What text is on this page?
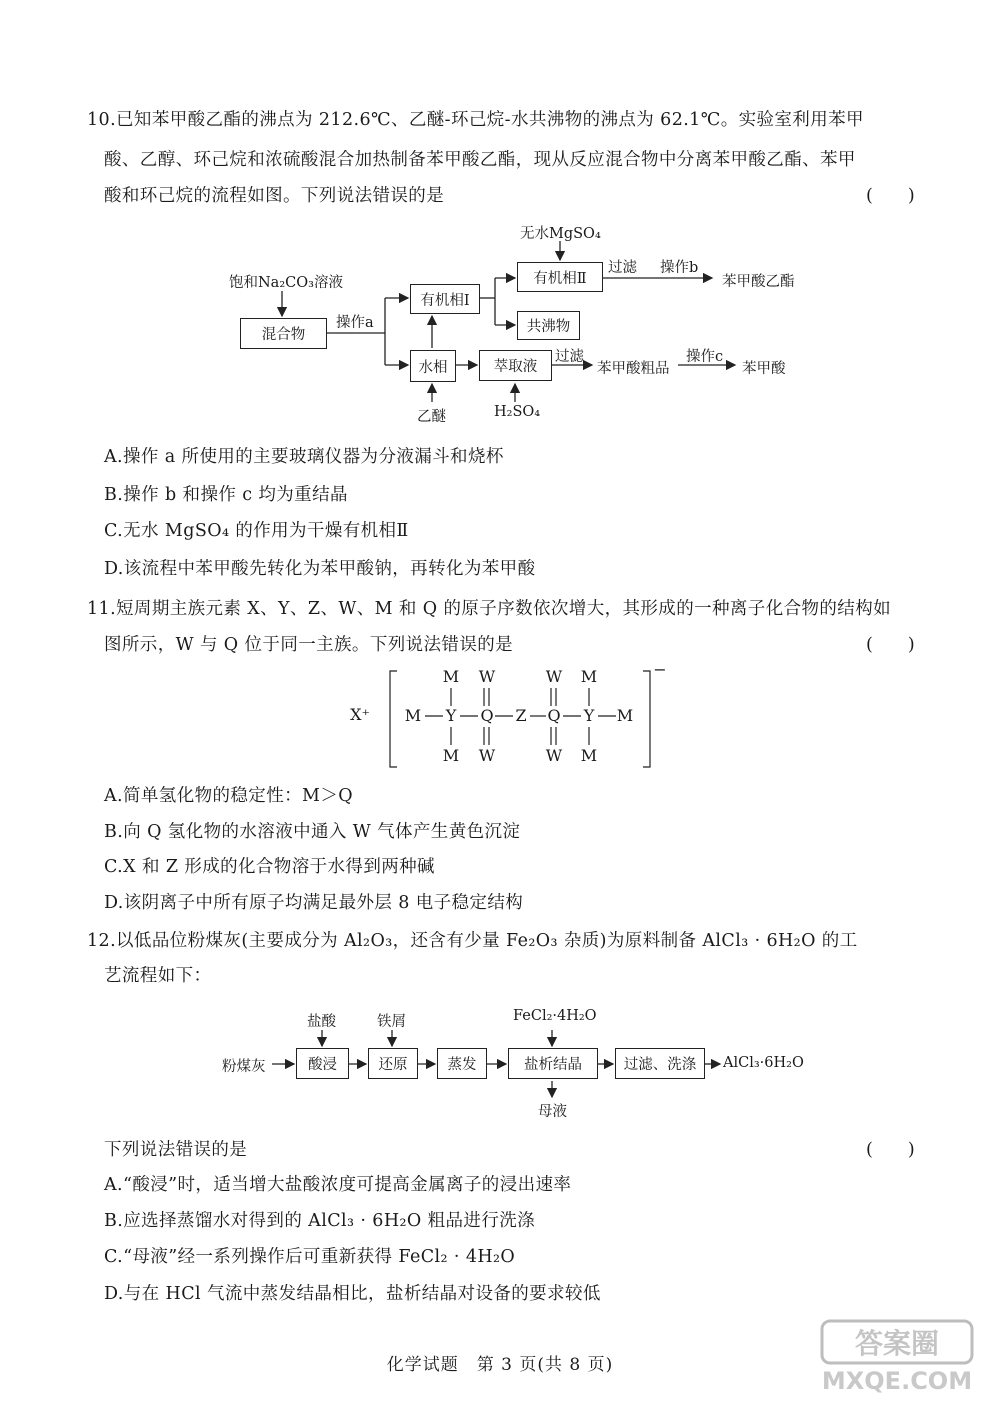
10.已知苯甲酸乙酯的沸点为 212.6℃、乙醚-环己烷-水共沸物的沸点为 62.1℃。实验室利用苯甲
酸、乙醇、环己烷和浓硫酸混合加热制备苯甲酸乙酯，现从反应混合物中分离苯甲酸乙酯、苯甲
酸和环己烷的流程如图。下列说法错误的是	(　　)
饱和Na₂CO₃溶液
混合物
操作a
有机相Ⅰ
水相
乙醚
无水MgSO₄
有机相Ⅱ
共沸物
过滤 操作b
苯甲酸乙酯
萃取液
H₂SO₄
过滤
苯甲酸粗品
操作c
苯甲酸
A.操作 a 所使用的主要玻璃仪器为分液漏斗和烧杯
B.操作 b 和操作 c 均为重结晶
C.无水 MgSO₄ 的作用为干燥有机相Ⅱ
D.该流程中苯甲酸先转化为苯甲酸钠，再转化为苯甲酸
11.短周期主族元素 X、Y、Z、W、M 和 Q 的原子序数依次增大，其形成的一种离子化合物的结构如
图所示，W 与 Q 位于同一主族。下列说法错误的是	(　　)
X⁺
−
M	W	W	M
M	Y	Q	Z	Q	Y	M
M	W	W	M
A.简单氢化物的稳定性：M＞Q
B.向 Q 氢化物的水溶液中通入 W 气体产生黄色沉淀
C.X 和 Z 形成的化合物溶于水得到两种碱
D.该阴离子中所有原子均满足最外层 8 电子稳定结构
12.以低品位粉煤灰(主要成分为 Al₂O₃，还含有少量 Fe₂O₃ 杂质)为原料制备 AlCl₃ · 6H₂O 的工
艺流程如下：
粉煤灰
盐酸	铁屑	FeCl₂·4H₂O
酸浸	还原	蒸发	盐析结晶	过滤、洗涤	AlCl₃·6H₂O
母液
下列说法错误的是	(　　)
A.“酸浸”时，适当增大盐酸浓度可提高金属离子的浸出速率
B.应选择蒸馏水对得到的 AlCl₃ · 6H₂O 粗品进行洗涤
C.“母液”经一系列操作后可重新获得 FeCl₂ · 4H₂O
D.与在 HCl 气流中蒸发结晶相比，盐析结晶对设备的要求较低
化学试题　第 3 页(共 8 页)
答案圈
MXQE.COM
